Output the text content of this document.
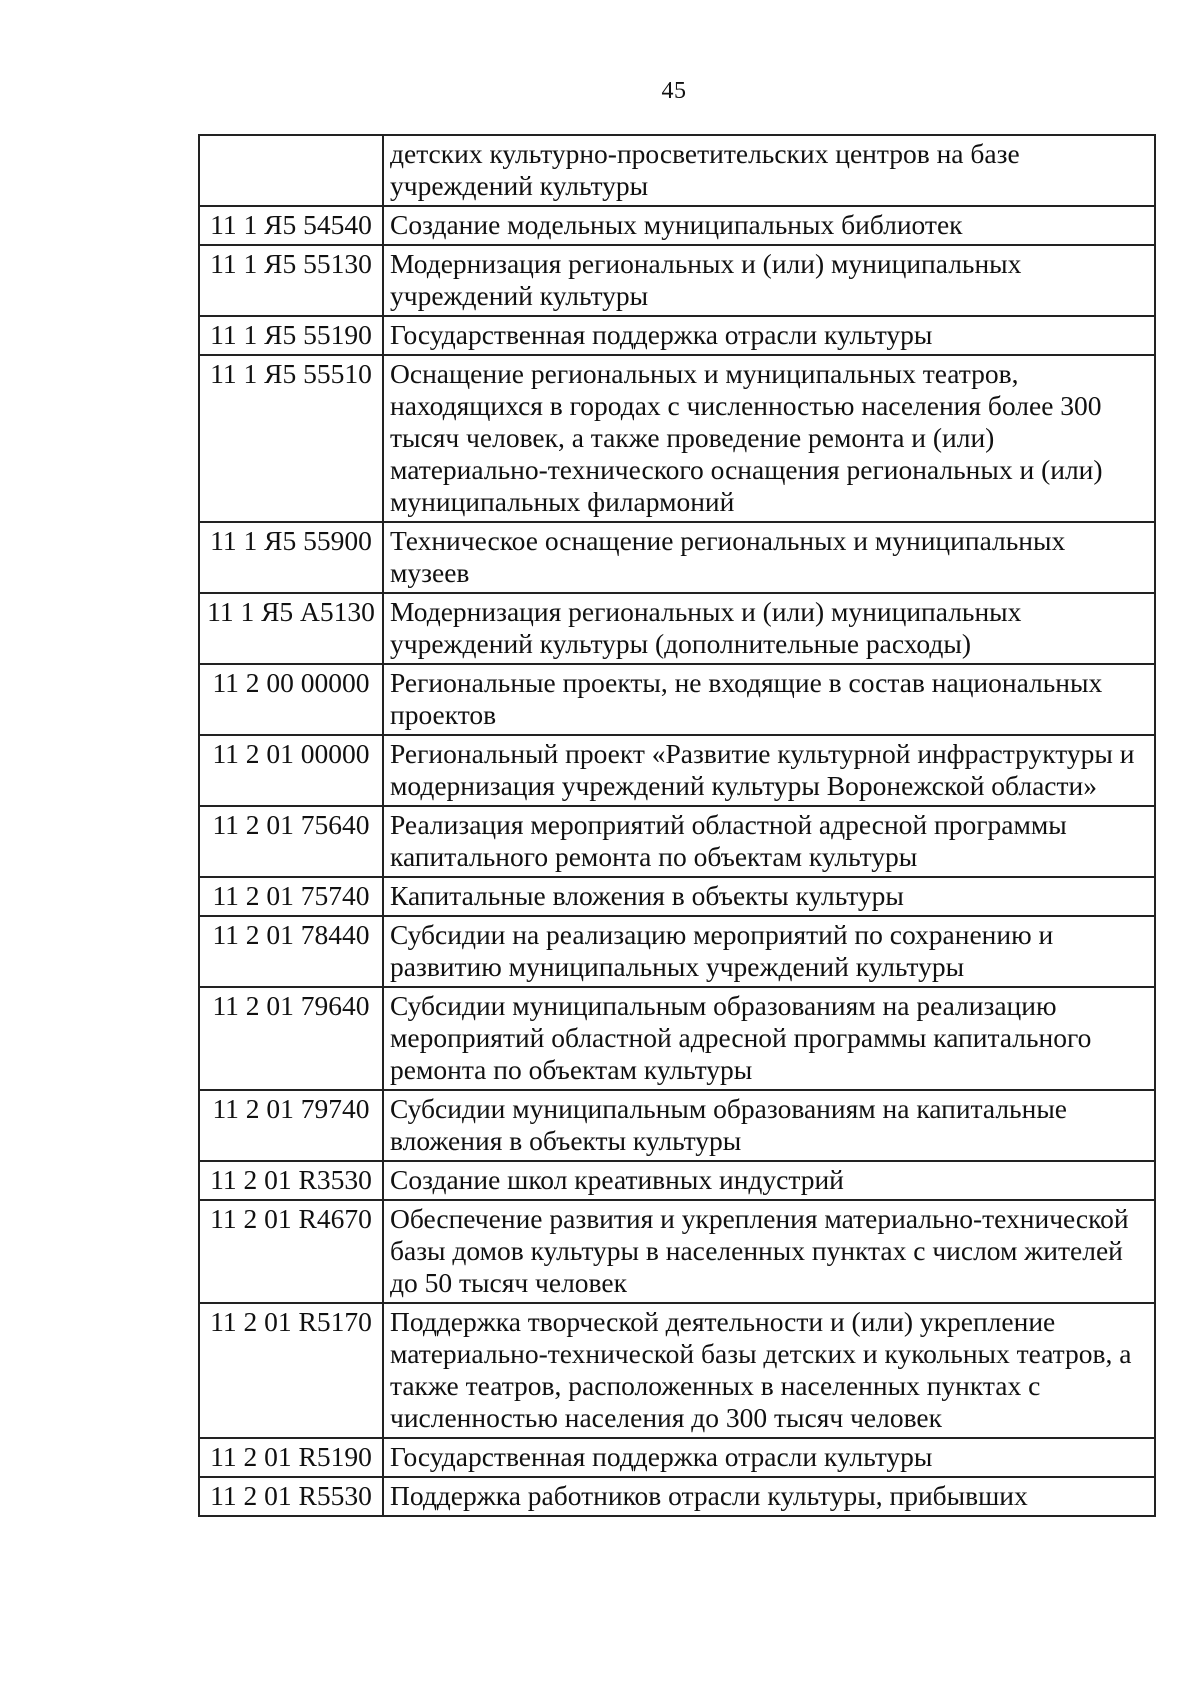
45
	детских культурно-просветительских центров на базе учреждений культуры
11 1 Я5 54540	Создание модельных муниципальных библиотек
11 1 Я5 55130	Модернизация региональных и (или) муниципальных учреждений культуры
11 1 Я5 55190	Государственная поддержка отрасли культуры
11 1 Я5 55510	Оснащение региональных и муниципальных театров, находящихся в городах с численностью населения более 300 тысяч человек, а также проведение ремонта и (или) материально-технического оснащения региональных и (или) муниципальных филармоний
11 1 Я5 55900	Техническое оснащение региональных и муниципальных музеев
11 1 Я5 А5130	Модернизация региональных и (или) муниципальных учреждений культуры (дополнительные расходы)
11 2 00 00000	Региональные проекты, не входящие в состав национальных проектов
11 2 01 00000	Региональный проект «Развитие культурной инфраструктуры и модернизация учреждений культуры Воронежской области»
11 2 01 75640	Реализация мероприятий областной адресной программы капитального ремонта по объектам культуры
11 2 01 75740	Капитальные вложения в объекты культуры
11 2 01 78440	Субсидии на реализацию мероприятий по сохранению и развитию муниципальных учреждений культуры
11 2 01 79640	Субсидии муниципальным образованиям на реализацию мероприятий областной адресной программы капитального ремонта по объектам культуры
11 2 01 79740	Субсидии муниципальным образованиям на капитальные вложения в объекты культуры
11 2 01 R3530	Создание школ креативных индустрий
11 2 01 R4670	Обеспечение развития и укрепления материально-технической базы домов культуры в населенных пунктах с числом жителей до 50 тысяч человек
11 2 01 R5170	Поддержка творческой деятельности и (или) укрепление материально-технической базы детских и кукольных театров, а также театров, расположенных в населенных пунктах с численностью населения до 300 тысяч человек
11 2 01 R5190	Государственная поддержка отрасли культуры
11 2 01 R5530	Поддержка работников отрасли культуры, прибывших
